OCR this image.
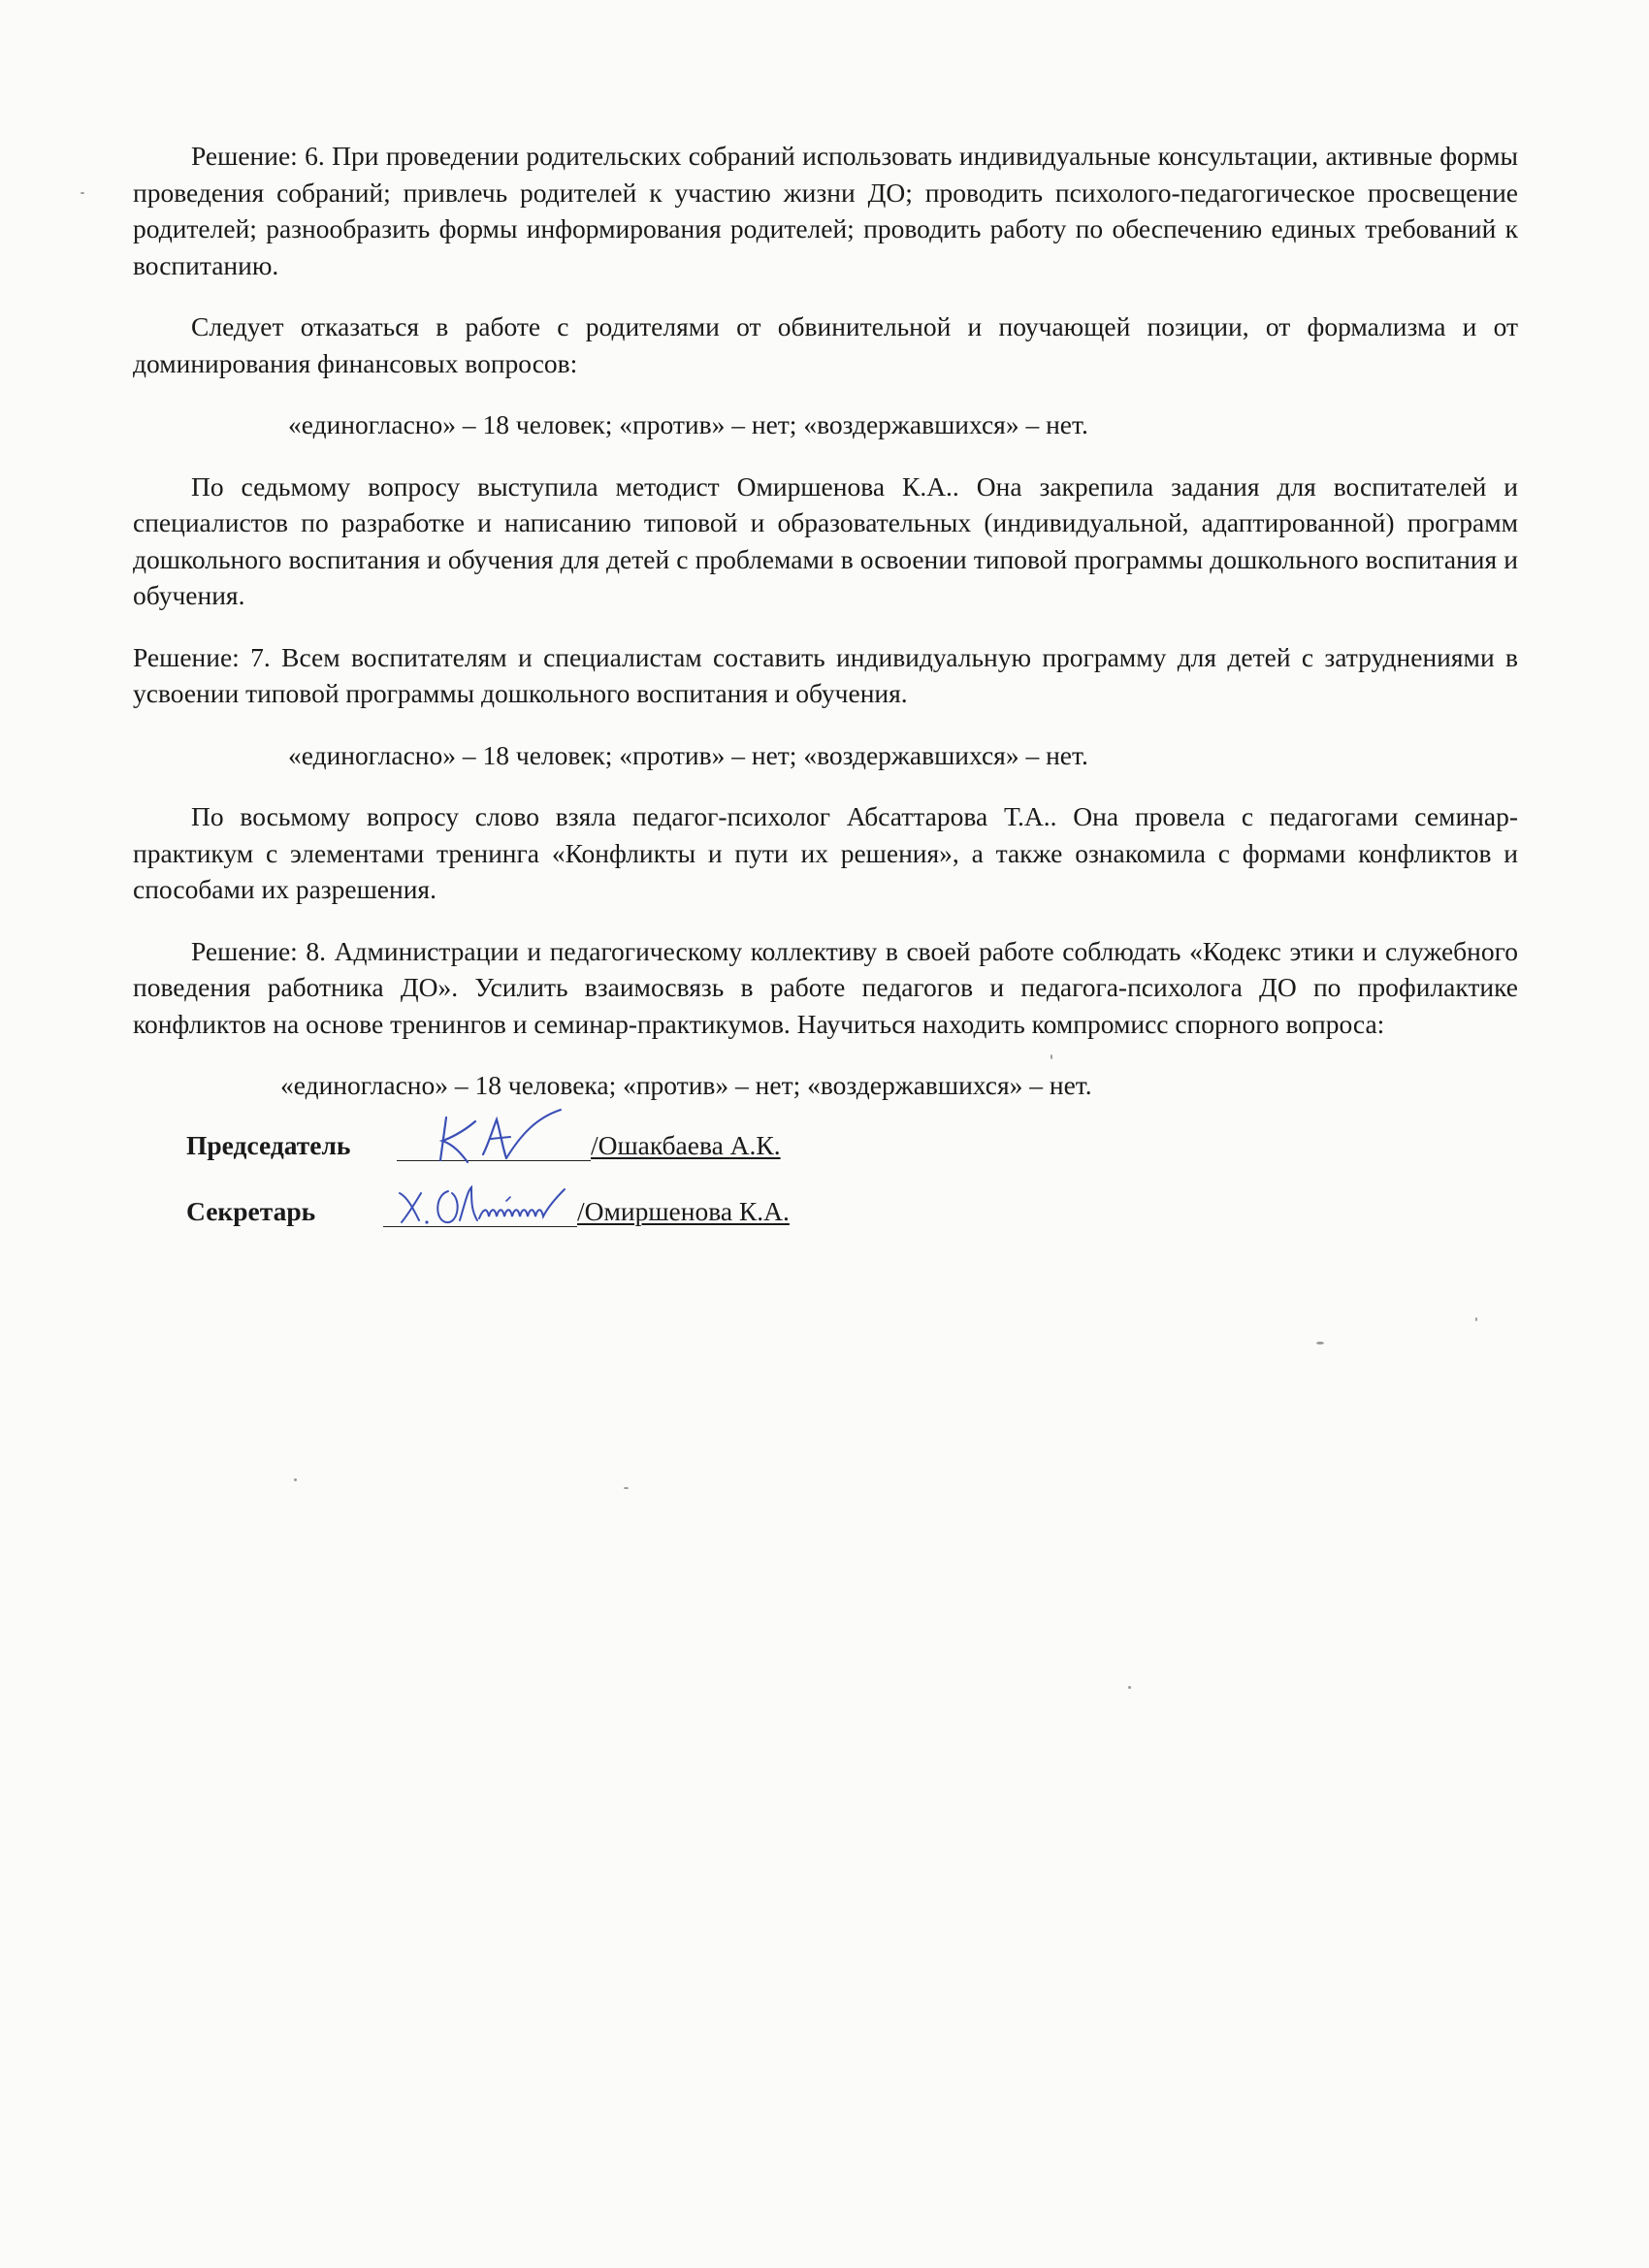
Решение: 6. При проведении родительских собраний использовать индивидуальные консультации, активные формы проведения собраний; привлечь родителей к участию жизни ДО; проводить психолого-педагогическое просвещение родителей; разнообразить формы информирования родителей; проводить работу по обеспечению единых требований к воспитанию.

Следует отказаться в работе с родителями от обвинительной и поучающей позиции, от формализма и от доминирования финансовых вопросов:

«единогласно» – 18 человек; «против» – нет; «воздержавшихся» – нет.

По седьмому вопросу выступила методист Омиршенова К.А.. Она закрепила задания для воспитателей и специалистов по разработке и написанию типовой и образовательных (индивидуальной, адаптированной) программ дошкольного воспитания и обучения для детей с проблемами в освоении типовой программы дошкольного воспитания и обучения.

Решение: 7. Всем воспитателям и специалистам составить индивидуальную программу для детей с затруднениями в усвоении типовой программы дошкольного воспитания и обучения.

«единогласно» – 18 человек; «против» – нет; «воздержавшихся» – нет.

По восьмому вопросу слово взяла педагог-психолог Абсаттарова Т.А.. Она провела с педагогами семинар-практикум с элементами тренинга «Конфликты и пути их решения», а также ознакомила с формами конфликтов и способами их разрешения.

Решение: 8. Администрации и педагогическому коллективу в своей работе соблюдать «Кодекс этики и служебного поведения работника ДО». Усилить взаимосвязь в работе педагогов и педагога-психолога ДО по профилактике конфликтов на основе тренингов и семинар-практикумов. Научиться находить компромисс спорного вопроса:

«единогласно» – 18 человека; «против» – нет; «воздержавшихся» – нет.

Председатель	/Ошакбаева А.К.
Секретарь	/Омиршенова К.А.
